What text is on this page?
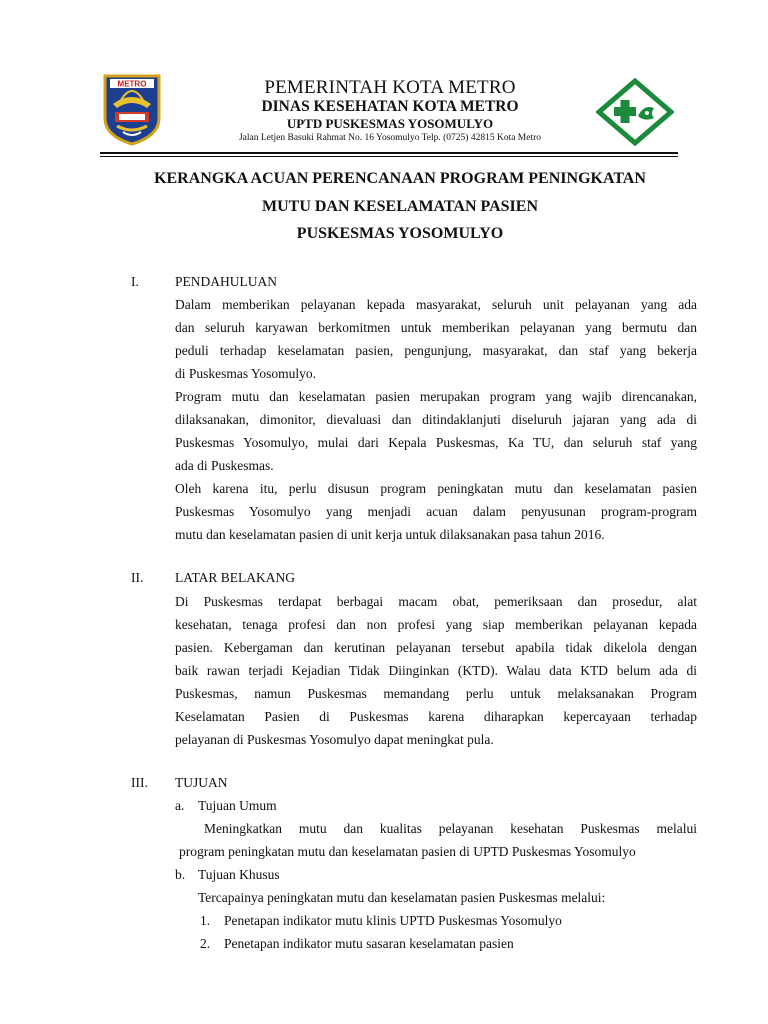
METRO	PEMERINTAH KOTA METRO
DINAS KESEHATAN KOTA METRO
UPTD PUSKESMAS YOSOMULYO
Jalan Letjen Basuki Rahmat No. 16 Yosomulyo Telp. (0725) 42815 Kota Metro
KERANGKA ACUAN PERENCANAAN PROGRAM PENINGKATAN
MUTU DAN KESELAMATAN PASIEN
PUSKESMAS YOSOMULYO
I.	PENDAHULUAN
Dalam memberikan pelayanan kepada masyarakat, seluruh unit pelayanan yang ada
dan seluruh karyawan berkomitmen untuk memberikan pelayanan yang bermutu dan
peduli terhadap keselamatan pasien, pengunjung, masyarakat, dan staf yang bekerja
di Puskesmas Yosomulyo.
Program mutu dan keselamatan pasien merupakan program yang wajib direncanakan,
dilaksanakan, dimonitor, dievaluasi dan ditindaklanjuti diseluruh jajaran yang ada di
Puskesmas Yosomulyo, mulai dari Kepala Puskesmas, Ka TU, dan seluruh staf yang
ada di Puskesmas.
Oleh karena itu, perlu disusun program peningkatan mutu dan keselamatan pasien
Puskesmas Yosomulyo yang menjadi acuan dalam penyusunan program-program
mutu dan keselamatan pasien di unit kerja untuk dilaksanakan pasa tahun 2016.
II. LATAR BELAKANG
Di Puskesmas terdapat berbagai macam obat, pemeriksaan dan prosedur, alat
kesehatan, tenaga profesi dan non profesi yang siap memberikan pelayanan kepada
pasien. Kebergaman dan kerutinan pelayanan tersebut apabila tidak dikelola dengan
baik rawan terjadi Kejadian Tidak Diinginkan (KTD). Walau data KTD belum ada di
Puskesmas, namun Puskesmas memandang perlu untuk melaksanakan Program
Keselamatan Pasien di Puskesmas karena diharapkan kepercayaan terhadap
pelayanan di Puskesmas Yosomulyo dapat meningkat pula.
III. TUJUAN
a. Tujuan Umum
Meningkatkan mutu dan kualitas pelayanan kesehatan Puskesmas melalui
program peningkatan mutu dan keselamatan pasien di UPTD Puskesmas Yosomulyo
b. Tujuan Khusus
Tercapainya peningkatan mutu dan keselamatan pasien Puskesmas melalui:
1. Penetapan indikator mutu klinis UPTD Puskesmas Yosomulyo
2. Penetapan indikator mutu sasaran keselamatan pasien
